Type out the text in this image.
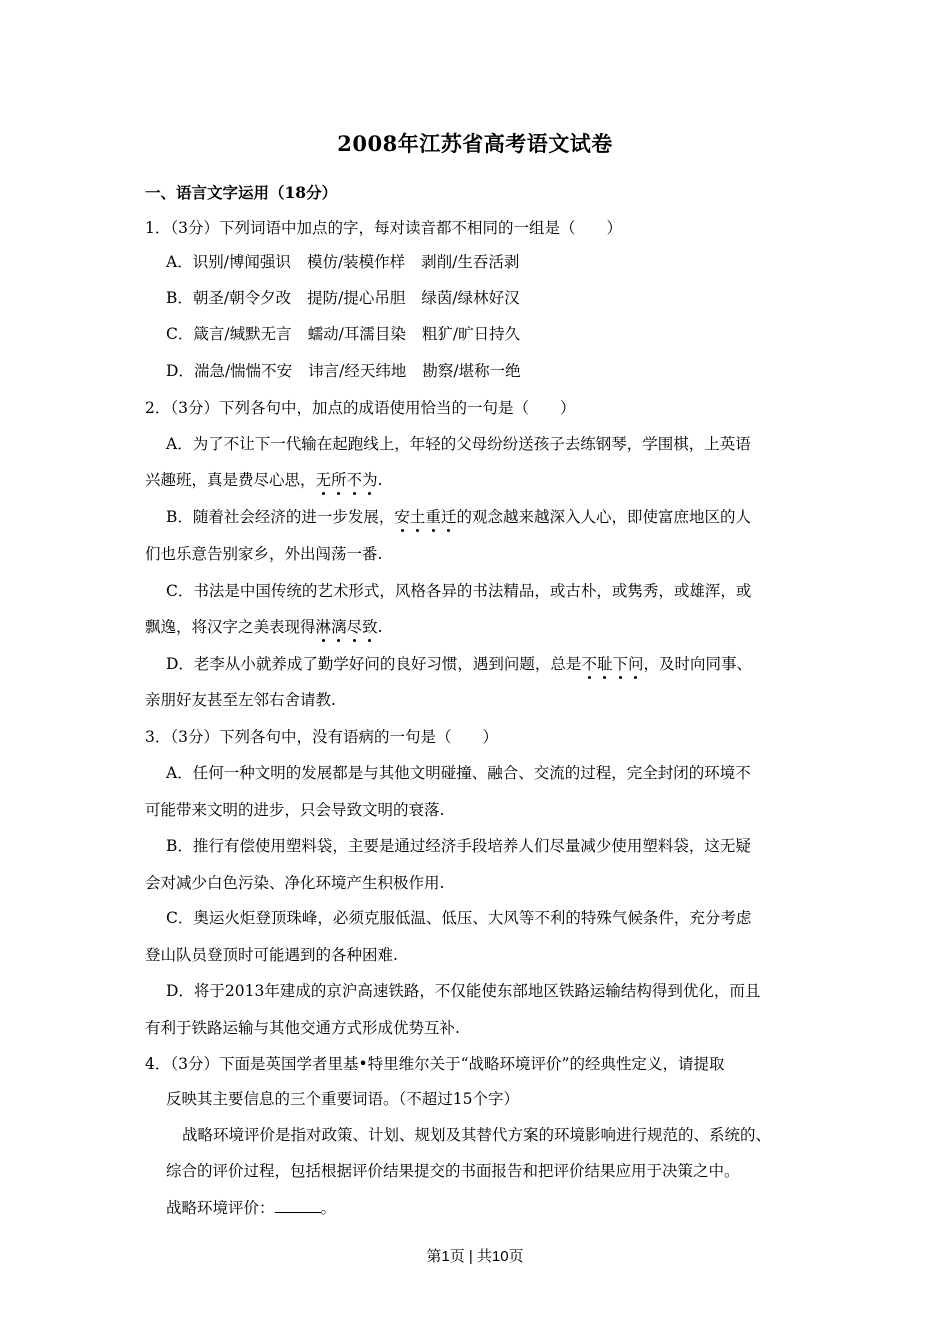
2008年江苏省高考语文试卷
一、语言文字运用（18分）
1．（3分）下列词语中加点的字，每对读音都不相同的一组是（　　）
A．识别/博闻强识 模仿/装模作样 剥削/生吞活剥
B．朝圣/朝令夕改 提防/提心吊胆 绿茵/绿林好汉
C．箴言/缄默无言 蠕动/耳濡目染 粗犷/旷日持久
D．湍急/惴惴不安 讳言/经天纬地 勘察/堪称一绝
2．（3分）下列各句中，加点的成语使用恰当的一句是（　　）
A．为了不让下一代输在起跑线上，年轻的父母纷纷送孩子去练钢琴，学围棋，上英语
兴趣班，真是费尽心思，无所不为.
B．随着社会经济的进一步发展，安土重迁的观念越来越深入人心，即使富庶地区的人
们也乐意告别家乡，外出闯荡一番.
C．书法是中国传统的艺术形式，风格各异的书法精品，或古朴，或隽秀，或雄浑，或
飘逸，将汉字之美表现得淋漓尽致.
D．老李从小就养成了勤学好问的良好习惯，遇到问题，总是不耻下问，及时向同事、
亲朋好友甚至左邻右舍请教.
3．（3分）下列各句中，没有语病的一句是（　　）
A．任何一种文明的发展都是与其他文明碰撞、融合、交流的过程，完全封闭的环境不
可能带来文明的进步，只会导致文明的衰落.
B．推行有偿使用塑料袋，主要是通过经济手段培养人们尽量减少使用塑料袋，这无疑
会对减少白色污染、净化环境产生积极作用.
C．奥运火炬登顶珠峰，必须克服低温、低压、大风等不利的特殊气候条件，充分考虑
登山队员登顶时可能遇到的各种困难.
D．将于2013年建成的京沪高速铁路，不仅能使东部地区铁路运输结构得到优化，而且
有利于铁路运输与其他交通方式形成优势互补.
4．（3分）下面是英国学者里基•特里维尔关于“战略环境评价”的经典性定义，请提取
反映其主要信息的三个重要词语。（不超过15个字）
战略环境评价是指对政策、计划、规划及其替代方案的环境影响进行规范的、系统的、
综合的评价过程，包括根据评价结果提交的书面报告和把评价结果应用于决策之中。
战略环境评价：	。
第1页 | 共10页
